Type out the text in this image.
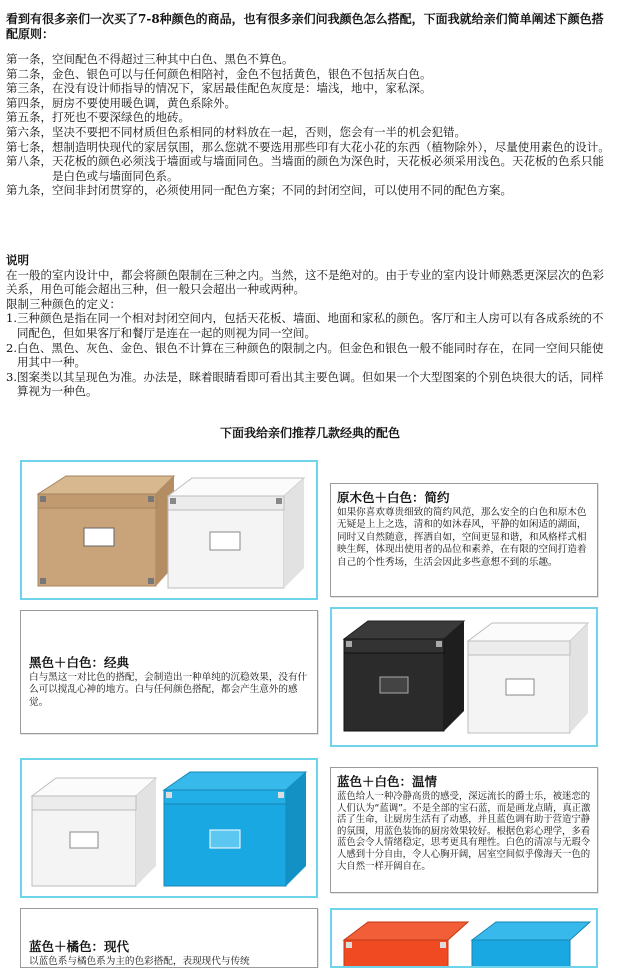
看到有很多亲们一次买了7-8种颜色的商品，也有很多亲们问我颜色怎么搭配，下面我就给亲们简单阐述下颜色搭配原则：
第一条， 空间配色不得超过三种其中白色、黑色不算色。
第二条， 金色、银色可以与任何颜色相陪衬，金色不包括黄色，银色不包括灰白色。
第三条， 在没有设计师指导的情况下，家居最佳配色灰度是：墙浅，地中，家私深。
第四条， 厨房不要使用暖色调，黄色系除外。
第五条， 打死也不要深绿色的地砖。
第六条， 坚决不要把不同材质但色系相同的材料放在一起，否则，您会有一半的机会犯错。
第七条， 想制造明快现代的家居氛围，那么您就不要选用那些印有大花小花的东西（植物除外），尽量使用素色的设计。
第八条， 天花板的颜色必须浅于墙面或与墙面同色。当墙面的颜色为深色时，天花板必须采用浅色。天花板的色系只能是白色或与墙面同色系。
第九条， 空间非封闭贯穿的，必须使用同一配色方案；不同的封闭空间，可以使用不同的配色方案。
说明
在一般的室内设计中，都会将颜色限制在三种之内。当然，这不是绝对的。由于专业的室内设计师熟悉更深层次的色彩关系，用色可能会超出三种，但一般只会超出一种或两种。
限制三种颜色的定义：
1. 三种颜色是指在同一个相对封闭空间内，包括天花板、墙面、地面和家私的颜色。客厅和主人房可以有各成系统的不同配色，但如果客厅和餐厅是连在一起的则视为同一空间。
2. 白色、黑色、灰色、金色、银色不计算在三种颜色的限制之内。但金色和银色一般不能同时存在，在同一空间只能使用其中一种。
3. 图案类以其呈现色为准。办法是，眯着眼睛看即可看出其主要色调。但如果一个大型图案的个别色块很大的话，同样算视为一种色。
下面我给亲们推荐几款经典的配色
原木色＋白色：简约
如果你喜欢尊贵细致的简约风范，那么安全的白色和原木色无疑是上上之选，清和的如沐春风，平静的如闲适的湖面，同时又自然随意，挥洒自如，空间更显和谐，和风格样式相映生辉，体现出使用者的品位和素养，在有限的空间打造着自己的个性秀场，生活会因此多些意想不到的乐趣。
黑色＋白色：经典
白与黑这一对比色的搭配，会制造出一种单纯的沉稳效果，没有什么可以搅乱心神的地方。白与任何颜色搭配，都会产生意外的感觉。
蓝色＋白色：温情
蓝色给人一种冷静高贵的感受，深远流长的爵士乐，被迷恋的人们认为“蓝调”。不是全部的宝石蓝，而是画龙点睛，真正激活了生命，让厨房生活有了动感，并且蓝色调有助于营造宁静的氛围，用蓝色装饰的厨房效果较好。根据色彩心理学，多看蓝色会令人情绪稳定，思考更具有理性。白色的清凉与无瑕令人感到十分自由，令人心胸开阔，居室空间似乎像海天一色的大自然一样开阔自在。
蓝色＋橘色：现代
以蓝色系与橘色系为主的色彩搭配，表现现代与传统
